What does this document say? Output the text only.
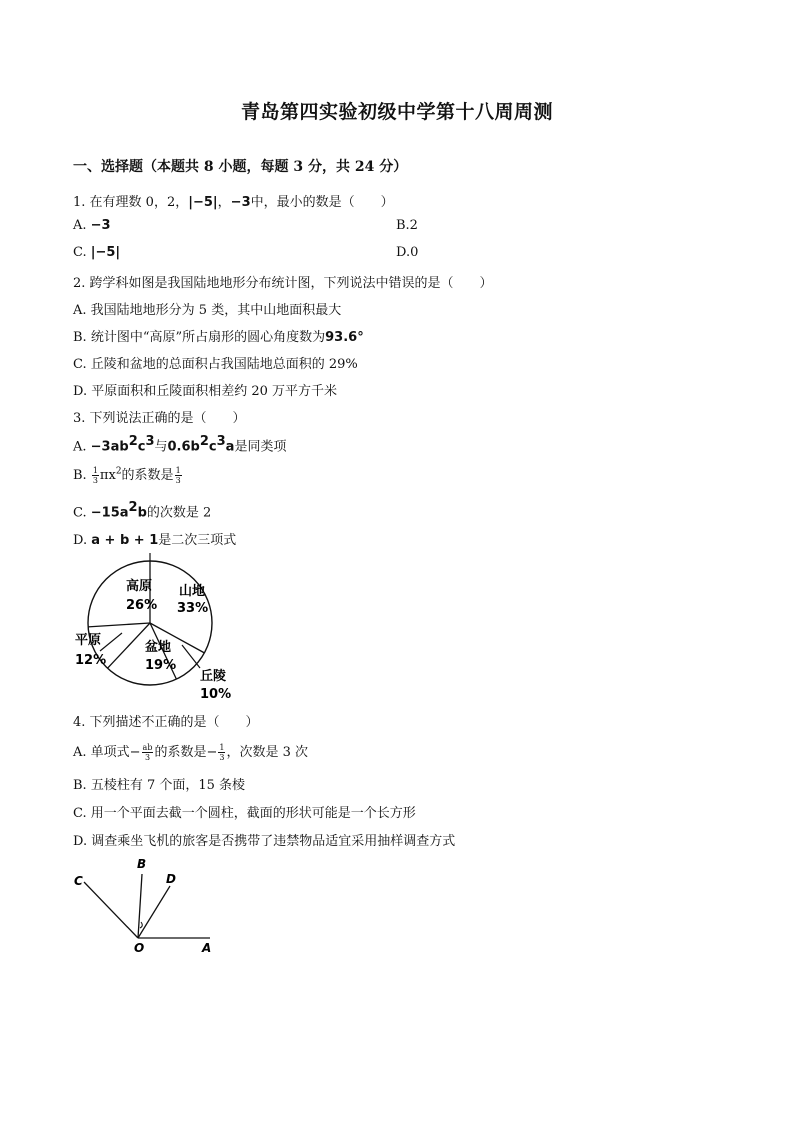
青岛第四实验初级中学第十八周周测
一、选择题（本题共 8 小题，每题 3 分，共 24 分）
1. 在有理数 0，2，|−5|，−3中，最小的数是（　　）
A. −3	B.2
C. |−5|	D.0
2. 跨学科如图是我国陆地地形分布统计图，下列说法中错误的是（　　）
A. 我国陆地地形分为 5 类，其中山地面积最大
B. 统计图中“高原”所占扇形的圆心角度数为93.6°
C. 丘陵和盆地的总面积占我国陆地总面积的 29%
D. 平原面积和丘陵面积相差约 20 万平方千米
3. 下列说法正确的是（　　）
A. $-3ab^2c^3$与$0.6b^2c^3a$是同类项
B. $\frac{1}{3} \pi x^2$的系数是 $\frac{1}{3}$
C. $-15a^2b$的次数是 2
D. a + b + 1是二次三项式
山地
33%
高原
26%
平原
12%
盆地
19%
丘陵
10%
4. 下列描述不正确的是（　　）
A. 单项式− $\frac{ab}{3}$ 的系数是− $\frac{1}{3}$ ，次数是 3 次
B. 五棱柱有 7 个面，15 条棱
C. 用一个平面去截一个圆柱，截面的形状可能是一个长方形
D. 调查乘坐飞机的旅客是否携带了违禁物品适宜采用抽样调查方式
O	A
B
D
C
